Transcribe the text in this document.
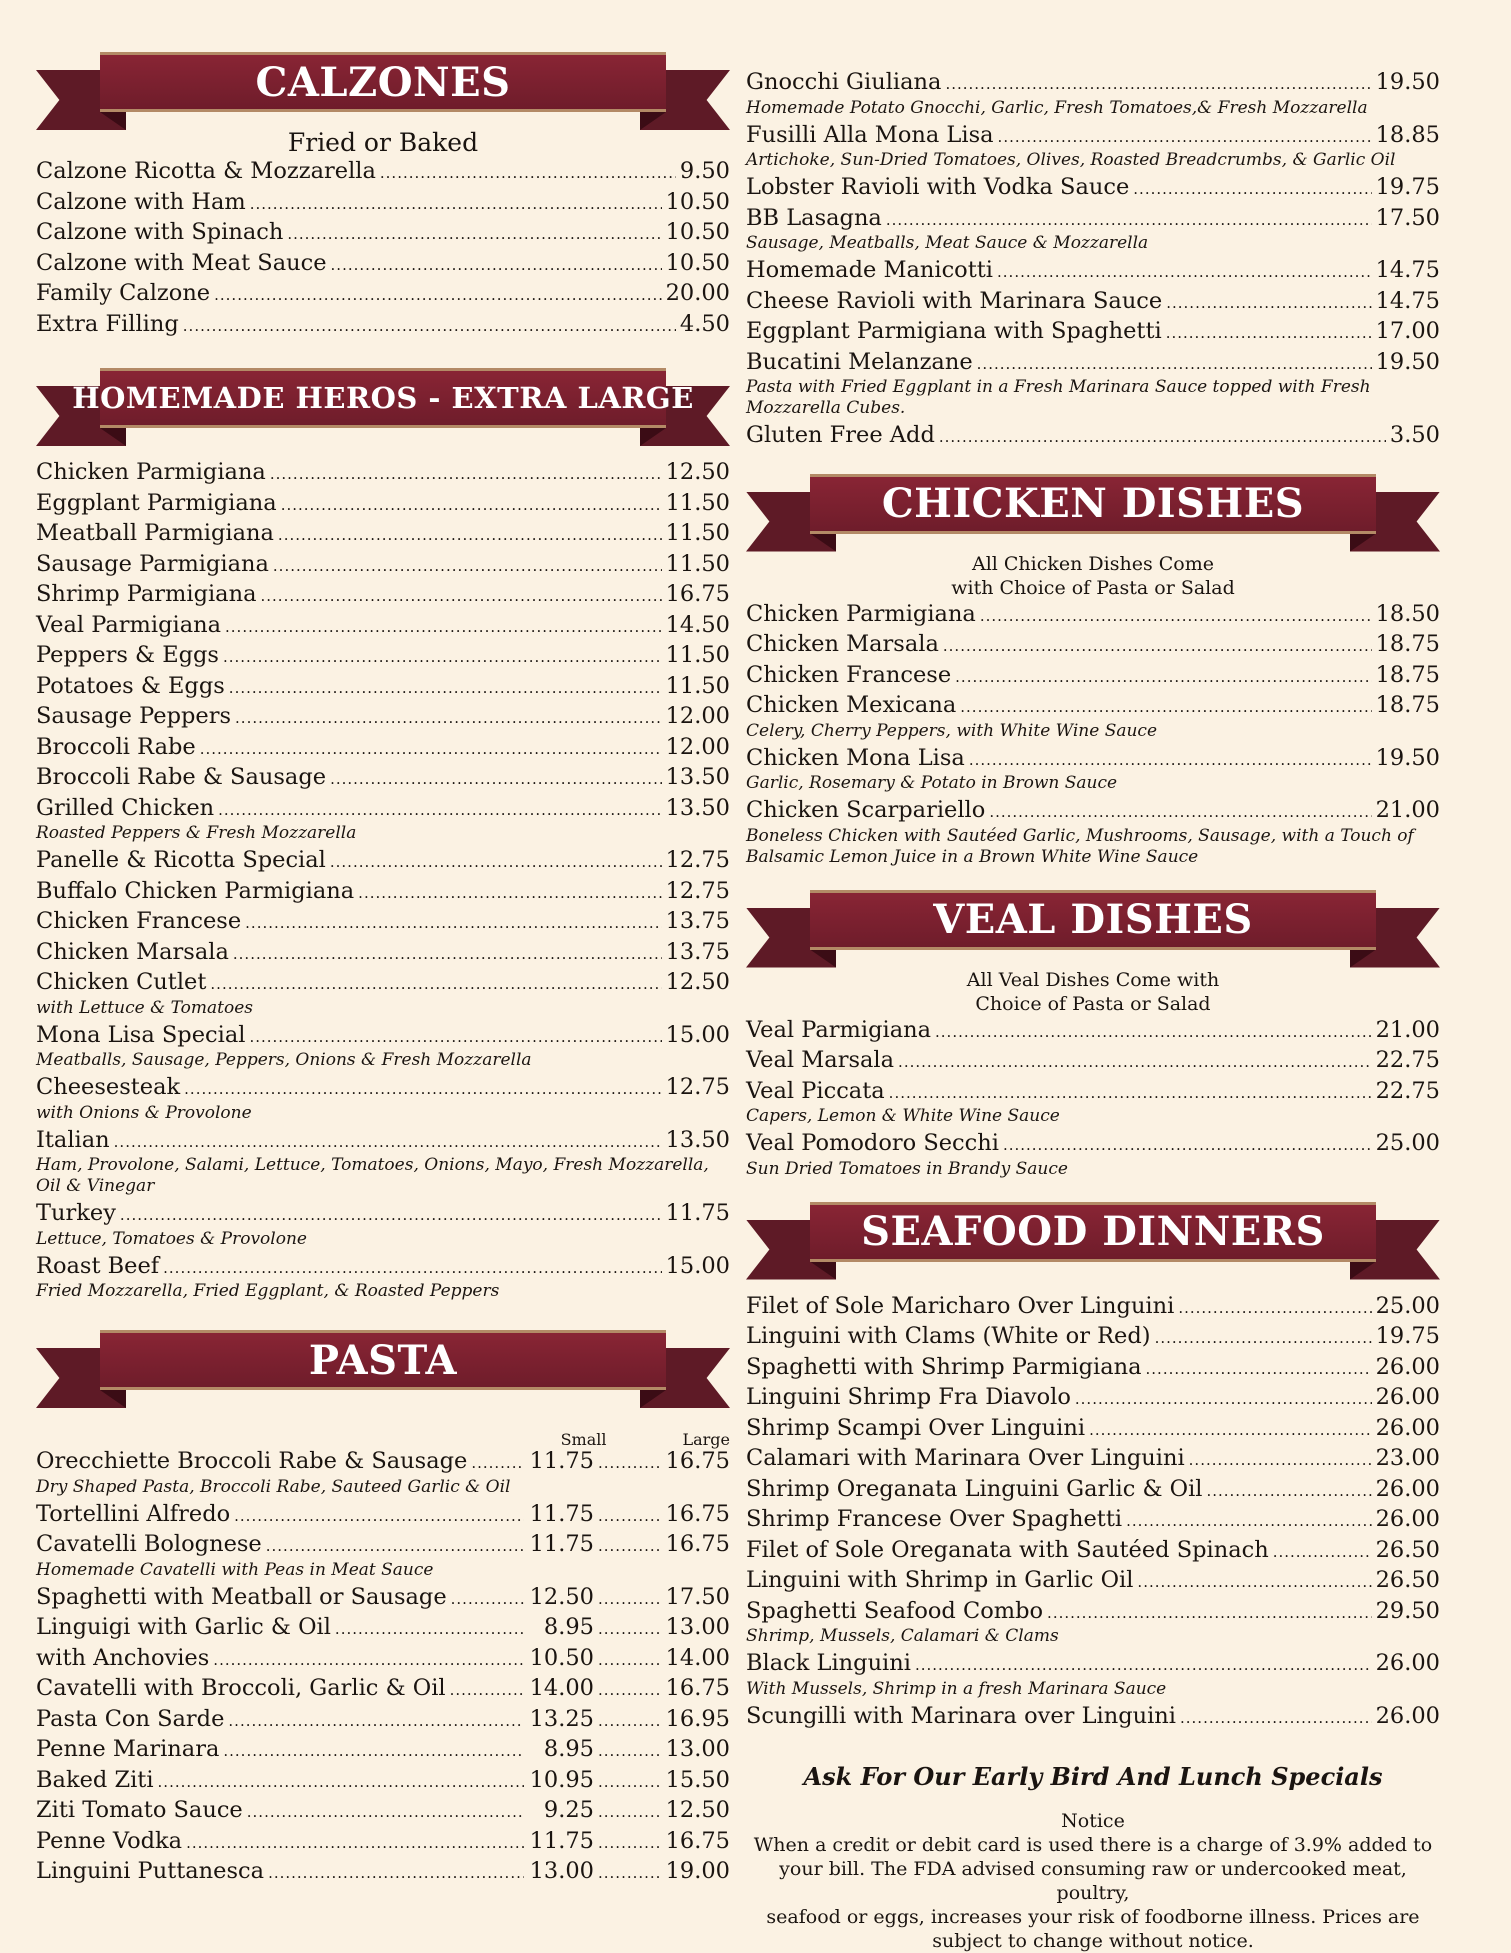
CALZONES
Fried or Baked
Calzone Ricotta & Mozzarella .....	9.50
Calzone with Ham .....	10.50
Calzone with Spinach .....	10.50
Calzone with Meat Sauce .....	10.50
Family Calzone .....	20.00
Extra Filling .....	4.50
HOMEMADE HEROS - EXTRA LARGE
Chicken Parmigiana .....	12.50
Eggplant Parmigiana .....	11.50
Meatball Parmigiana .....	11.50
Sausage Parmigiana .....	11.50
Shrimp Parmigiana .....	16.75
Veal Parmigiana .....	14.50
Peppers & Eggs .....	11.50
Potatoes & Eggs .....	11.50
Sausage Peppers .....	12.00
Broccoli Rabe .....	12.00
Broccoli Rabe & Sausage .....	13.50
Grilled Chicken .....	13.50
Roasted Peppers & Fresh Mozzarella
Panelle & Ricotta Special .....	12.75
Buffalo Chicken Parmigiana .....	12.75
Chicken Francese .....	13.75
Chicken Marsala .....	13.75
Chicken Cutlet .....	12.50
with Lettuce & Tomatoes
Mona Lisa Special .....	15.00
Meatballs, Sausage, Peppers, Onions & Fresh Mozzarella
Cheesesteak .....	12.75
with Onions & Provolone
Italian .....	13.50
Ham, Provolone, Salami, Lettuce, Tomatoes, Onions, Mayo, Fresh Mozzarella, Oil & Vinegar
Turkey .....	11.75
Lettuce, Tomatoes & Provolone
Roast Beef .....	15.00
Fried Mozzarella, Fried Eggplant, & Roasted Peppers
PASTA
Small	Large
Orecchiette Broccoli Rabe & Sausage .....	11.75 .....	16.75
Dry Shaped Pasta, Broccoli Rabe, Sauteed Garlic & Oil
Tortellini Alfredo .....	11.75 .....	16.75
Cavatelli Bolognese .....	11.75 .....	16.75
Homemade Cavatelli with Peas in Meat Sauce
Spaghetti with Meatball or Sausage .....	12.50 .....	17.50
Linguigi with Garlic & Oil .....	8.95 .....	13.00
with Anchovies .....	10.50 .....	14.00
Cavatelli with Broccoli, Garlic & Oil .....	14.00 .....	16.75
Pasta Con Sarde .....	13.25 .....	16.95
Penne Marinara .....	8.95 .....	13.00
Baked Ziti .....	10.95 .....	15.50
Ziti Tomato Sauce .....	9.25 .....	12.50
Penne Vodka .....	11.75 .....	16.75
Linguini Puttanesca .....	13.00 .....	19.00
Gnocchi Giuliana .....	19.50
Homemade Potato Gnocchi, Garlic, Fresh Tomatoes,& Fresh Mozzarella
Fusilli Alla Mona Lisa .....	18.85
Artichoke, Sun-Dried Tomatoes, Olives, Roasted Breadcrumbs, & Garlic Oil
Lobster Ravioli with Vodka Sauce .....	19.75
BB Lasagna .....	17.50
Sausage, Meatballs, Meat Sauce & Mozzarella
Homemade Manicotti .....	14.75
Cheese Ravioli with Marinara Sauce .....	14.75
Eggplant Parmigiana with Spaghetti .....	17.00
Bucatini Melanzane .....	19.50
Pasta with Fried Eggplant in a Fresh Marinara Sauce topped with Fresh Mozzarella Cubes.
Gluten Free Add .....	3.50
CHICKEN DISHES
All Chicken Dishes Come
with Choice of Pasta or Salad
Chicken Parmigiana .....	18.50
Chicken Marsala .....	18.75
Chicken Francese .....	18.75
Chicken Mexicana .....	18.75
Celery, Cherry Peppers, with White Wine Sauce
Chicken Mona Lisa .....	19.50
Garlic, Rosemary & Potato in Brown Sauce
Chicken Scarpariello .....	21.00
Boneless Chicken with Sautéed Garlic, Mushrooms, Sausage, with a Touch of Balsamic Lemon Juice in a Brown White Wine Sauce
VEAL DISHES
All Veal Dishes Come with
Choice of Pasta or Salad
Veal Parmigiana .....	21.00
Veal Marsala .....	22.75
Veal Piccata .....	22.75
Capers, Lemon & White Wine Sauce
Veal Pomodoro Secchi .....	25.00
Sun Dried Tomatoes in Brandy Sauce
SEAFOOD DINNERS
Filet of Sole Maricharo Over Linguini .....	25.00
Linguini with Clams (White or Red) .....	19.75
Spaghetti with Shrimp Parmigiana .....	26.00
Linguini Shrimp Fra Diavolo .....	26.00
Shrimp Scampi Over Linguini .....	26.00
Calamari with Marinara Over Linguini .....	23.00
Shrimp Oreganata Linguini Garlic & Oil .....	26.00
Shrimp Francese Over Spaghetti .....	26.00
Filet of Sole Oreganata with Sautéed Spinach .....	26.50
Linguini with Shrimp in Garlic Oil .....	26.50
Spaghetti Seafood Combo .....	29.50
Shrimp, Mussels, Calamari & Clams
Black Linguini .....	26.00
With Mussels, Shrimp in a fresh Marinara Sauce
Scungilli with Marinara over Linguini .....	26.00
Ask For Our Early Bird And Lunch Specials
Notice
When a credit or debit card is used there is a charge of 3.9% added to
your bill. The FDA advised consuming raw or undercooked meat, poultry,
seafood or eggs, increases your risk of foodborne illness. Prices are
subject to change without notice.
